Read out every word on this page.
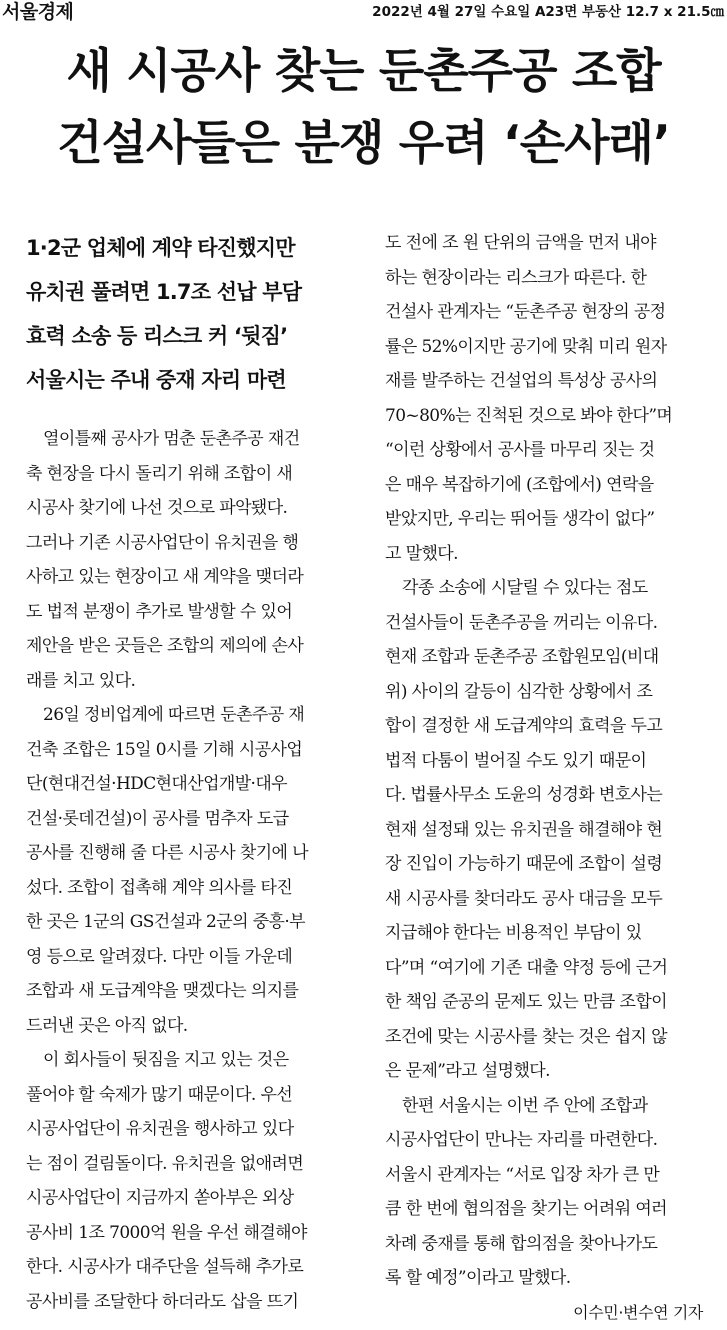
서울경제	2022년 4월 27일 수요일 A23면 부동산 12.7 x 21.5㎝
새 시공사 찾는 둔촌주공 조합
건설사들은 분쟁 우려 ‘손사래’
1·2군 업체에 계약 타진했지만
유치권 풀려면 1.7조 선납 부담
효력 소송 등 리스크 커 ‘뒷짐’
서울시는 주내 중재 자리 마련
열이틀째 공사가 멈춘 둔촌주공 재건
축 현장을 다시 돌리기 위해 조합이 새
시공사 찾기에 나선 것으로 파악됐다.
그러나 기존 시공사업단이 유치권을 행
사하고 있는 현장이고 새 계약을 맺더라
도 법적 분쟁이 추가로 발생할 수 있어
제안을 받은 곳들은 조합의 제의에 손사
래를 치고 있다.
26일 정비업계에 따르면 둔촌주공 재
건축 조합은 15일 0시를 기해 시공사업
단(현대건설·HDC현대산업개발·대우
건설·롯데건설)이 공사를 멈추자 도급
공사를 진행해 줄 다른 시공사 찾기에 나
섰다. 조합이 접촉해 계약 의사를 타진
한 곳은 1군의 GS건설과 2군의 중흥·부
영 등으로 알려졌다. 다만 이들 가운데
조합과 새 도급계약을 맺겠다는 의지를
드러낸 곳은 아직 없다.
이 회사들이 뒷짐을 지고 있는 것은
풀어야 할 숙제가 많기 때문이다. 우선
시공사업단이 유치권을 행사하고 있다
는 점이 걸림돌이다. 유치권을 없애려면
시공사업단이 지금까지 쏟아부은 외상
공사비 1조 7000억 원을 우선 해결해야
한다. 시공사가 대주단을 설득해 추가로
공사비를 조달한다 하더라도 삽을 뜨기
도 전에 조 원 단위의 금액을 먼저 내야
하는 현장이라는 리스크가 따른다. 한
건설사 관계자는 “둔촌주공 현장의 공정
률은 52%이지만 공기에 맞춰 미리 원자
재를 발주하는 건설업의 특성상 공사의
70~80%는 진척된 것으로 봐야 한다”며
“이런 상황에서 공사를 마무리 짓는 것
은 매우 복잡하기에 (조합에서) 연락을
받았지만, 우리는 뛰어들 생각이 없다”
고 말했다.
각종 소송에 시달릴 수 있다는 점도
건설사들이 둔촌주공을 꺼리는 이유다.
현재 조합과 둔촌주공 조합원모임(비대
위) 사이의 갈등이 심각한 상황에서 조
합이 결정한 새 도급계약의 효력을 두고
법적 다툼이 벌어질 수도 있기 때문이
다. 법률사무소 도윤의 성경화 변호사는
현재 설정돼 있는 유치권을 해결해야 현
장 진입이 가능하기 때문에 조합이 설령
새 시공사를 찾더라도 공사 대금을 모두
지급해야 한다는 비용적인 부담이 있
다”며 “여기에 기존 대출 약정 등에 근거
한 책임 준공의 문제도 있는 만큼 조합이
조건에 맞는 시공사를 찾는 것은 쉽지 않
은 문제”라고 설명했다.
한편 서울시는 이번 주 안에 조합과
시공사업단이 만나는 자리를 마련한다.
서울시 관계자는 “서로 입장 차가 큰 만
큼 한 번에 협의점을 찾기는 어려워 여러
차례 중재를 통해 합의점을 찾아나가도
록 할 예정”이라고 말했다.
이수민·변수연 기자
